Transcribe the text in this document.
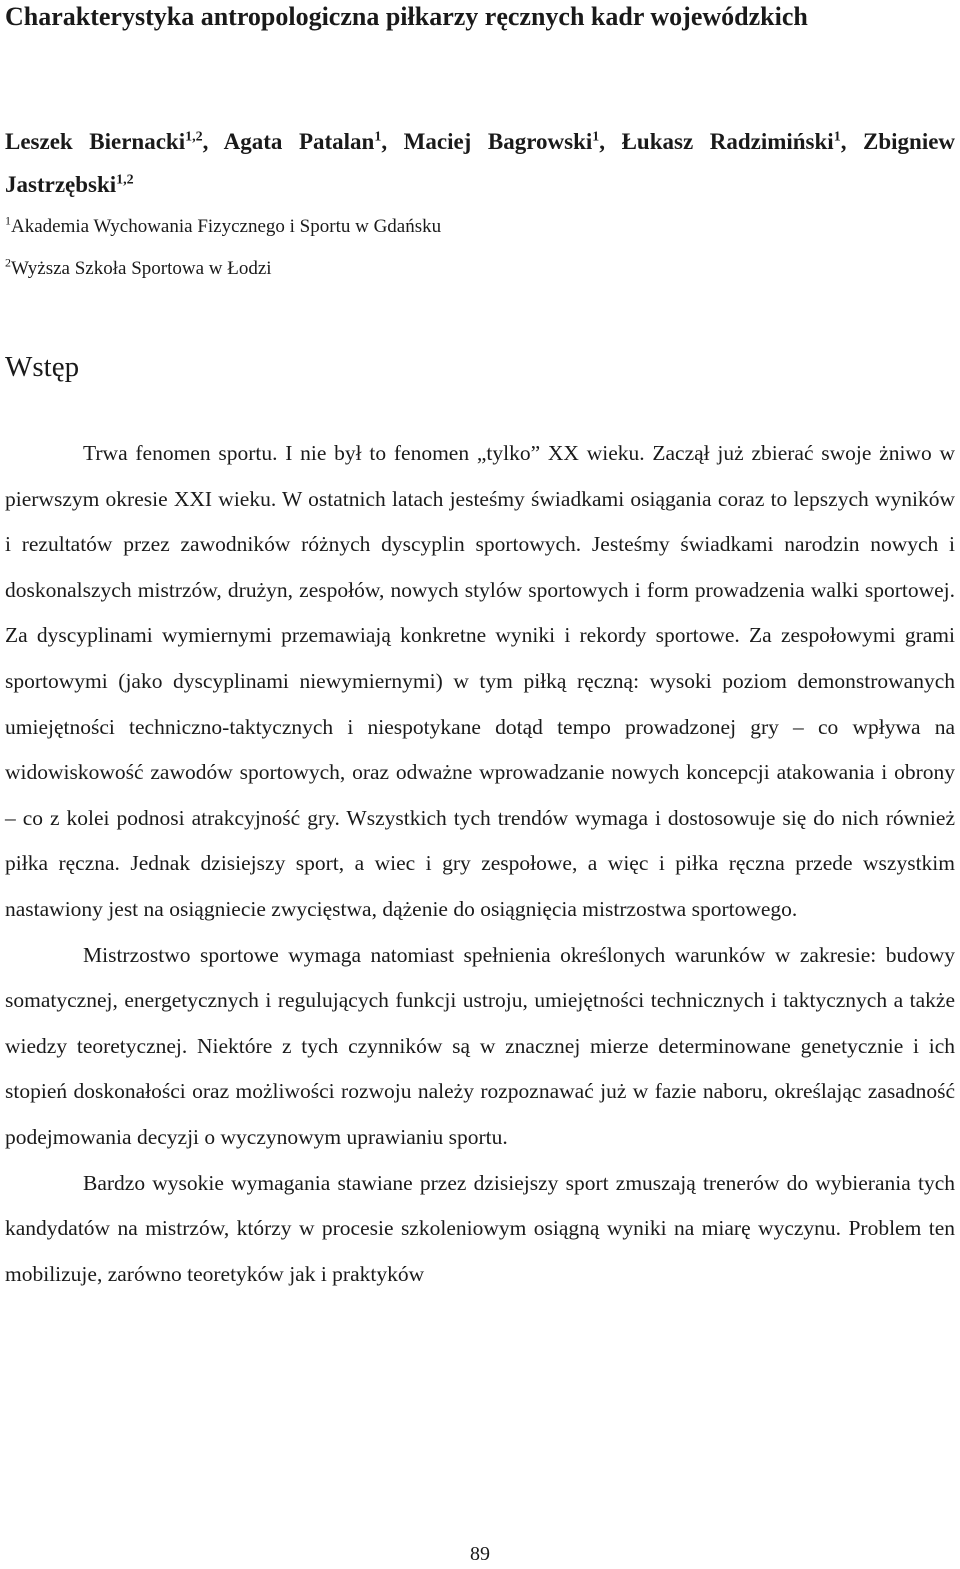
Charakterystyka antropologiczna piłkarzy ręcznych kadr wojewódzkich
Leszek Biernacki$^{1,2}$, Agata Patalan$^1$, Maciej Bagrowski$^1$, Łukasz Radzimiński$^1$, Zbigniew Jastrzębski$^{1,2}$
$^1$Akademia Wychowania Fizycznego i Sportu w Gdańsku
$^2$Wyższa Szkoła Sportowa w Łodzi
Wstęp

Trwa fenomen sportu. I nie był to fenomen „tylko” XX wieku. Zaczął już zbierać swoje żniwo w pierwszym okresie XXI wieku. W ostatnich latach jesteśmy świadkami osiągania coraz to lepszych wyników i rezultatów przez zawodników różnych dyscyplin sportowych. Jesteśmy świadkami narodzin nowych i doskonalszych mistrzów, drużyn, zespołów, nowych stylów sportowych i form prowadzenia walki sportowej. Za dyscyplinami wymiernymi przemawiają konkretne wyniki i rekordy sportowe. Za zespołowymi grami sportowymi (jako dyscyplinami niewymiernymi) w tym piłką ręczną: wysoki poziom demonstrowanych umiejętności techniczno-taktycznych i niespotykane dotąd tempo prowadzonej gry – co wpływa na widowiskowość zawodów sportowych, oraz odważne wprowadzanie nowych koncepcji atakowania i obrony – co z kolei podnosi atrakcyjność gry. Wszystkich tych trendów wymaga i dostosowuje się do nich również piłka ręczna. Jednak dzisiejszy sport, a wiec i gry zespołowe, a więc i piłka ręczna przede wszystkim nastawiony jest na osiągniecie zwycięstwa, dążenie do osiągnięcia mistrzostwa sportowego.

Mistrzostwo sportowe wymaga natomiast spełnienia określonych warunków w zakresie: budowy somatycznej, energetycznych i regulujących funkcji ustroju, umiejętności technicznych i taktycznych a także wiedzy teoretycznej. Niektóre z tych czynników są w znacznej mierze determinowane genetycznie i ich stopień doskonałości oraz możliwości rozwoju należy rozpoznawać już w fazie naboru, określając zasadność podejmowania decyzji o wyczynowym uprawianiu sportu.

Bardzo wysokie wymagania stawiane przez dzisiejszy sport zmuszają trenerów do wybierania tych kandydatów na mistrzów, którzy w procesie szkoleniowym osiągną wyniki na miarę wyczynu. Problem ten mobilizuje, zarówno teoretyków jak i praktyków

89
